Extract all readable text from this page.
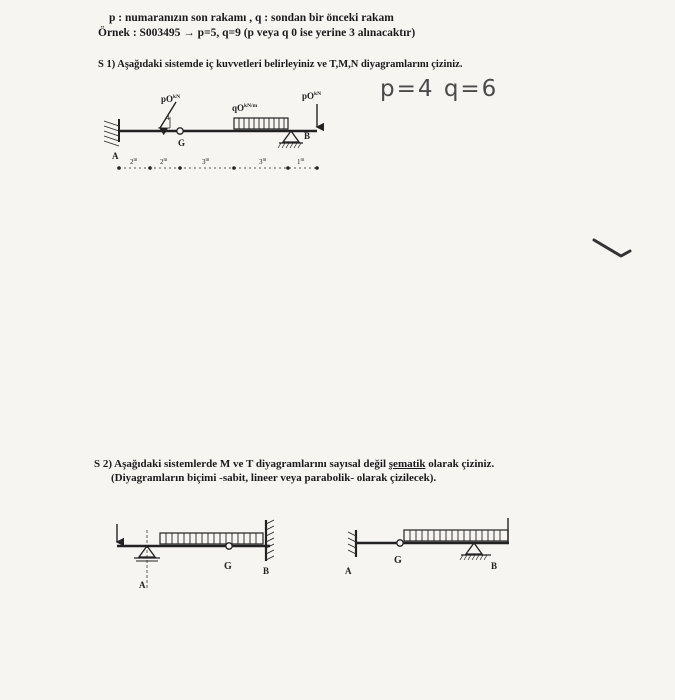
p : numaranızın son rakamı , q : sondan bir önceki rakam
Örnek : S003495 → p=5, q=9 (p veya q 0 ise yerine 3 alınacaktır)
S 1) Aşağıdaki sistemde iç kuvvetleri belirleyiniz ve T,M,N diyagramlarını çiziniz.
p=4 q=6
$pO^{kN}$
$qO^{kN/m}$
$pO^{kN}$
4
3
G
A
B
2$^m$	2$^m$	3$^m$	3$^m$	1$^m$
A
G	B	A
G	B
S 2) Aşağıdaki sistemlerde M ve T diyagramlarını sayısal değil şematik olarak çiziniz.
(Diyagramların biçimi -sabit, lineer veya parabolik- olarak çizilecek).
